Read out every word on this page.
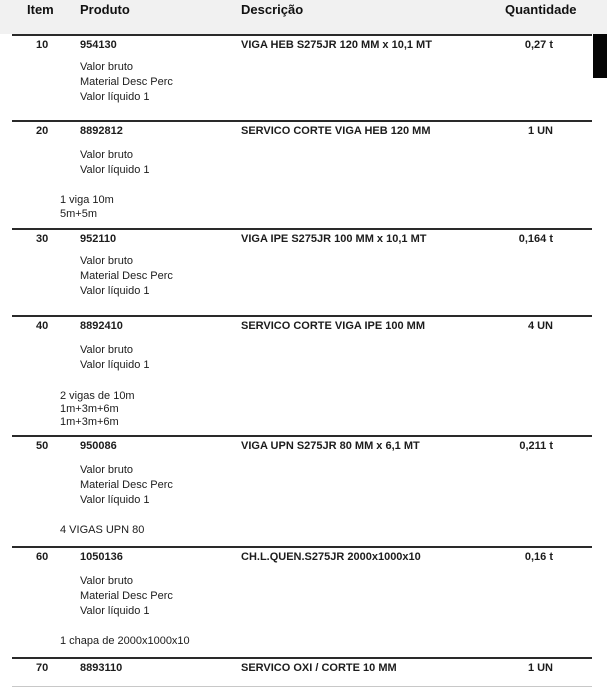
Item Produto	Descrição	Quantidade
10	954130	VIGA HEB S275JR 120 MM x 10,1 MT	0,27 t
Valor bruto
Material Desc Perc
Valor líquido 1
20	8892812	SERVICO CORTE VIGA HEB 120 MM	1 UN
Valor bruto
Valor líquido 1
1 viga 10m
5m+5m
30	952110	VIGA IPE S275JR 100 MM x 10,1 MT	0,164 t
Valor bruto
Material Desc Perc
Valor líquido 1
40	8892410	SERVICO CORTE VIGA IPE 100 MM	4 UN
Valor bruto
Valor líquido 1
2 vigas de 10m
1m+3m+6m
1m+3m+6m
50	950086	VIGA UPN S275JR 80 MM x 6,1 MT	0,211 t
Valor bruto
Material Desc Perc
Valor líquido 1
4 VIGAS UPN 80
60	1050136	CH.L.QUEN.S275JR 2000x1000x10	0,16 t
Valor bruto
Material Desc Perc
Valor líquido 1
1 chapa de 2000x1000x10
70	8893110	SERVICO OXI / CORTE 10 MM	1 UN
